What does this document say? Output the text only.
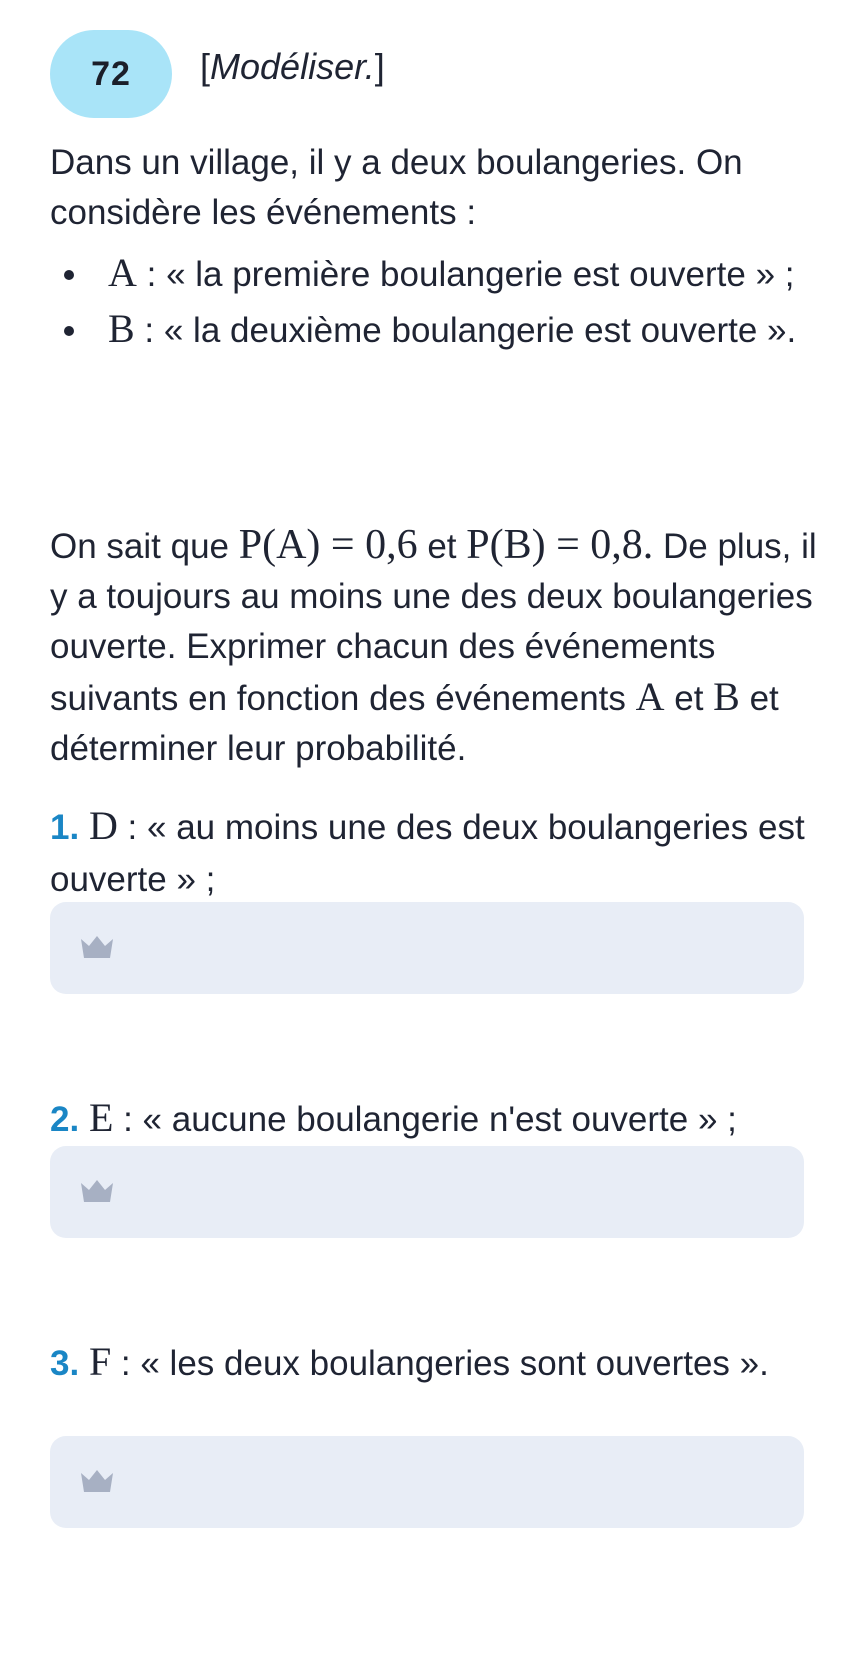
72 [Modéliser.]

Dans un village, il y a deux boulangeries. On considère les événements :

A : « la première boulangerie est ouverte » ;
B : « la deuxième boulangerie est ouverte ».

On sait que P(A) = 0,6 et P(B) = 0,8. De plus, il y a toujours au moins une des deux boulangeries ouverte. Exprimer chacun des événements suivants en fonction des événements A et B et déterminer leur probabilité.

1. D : « au moins une des deux boulangeries est ouverte » ;

2. E : « aucune boulangerie n'est ouverte » ;

3. F : « les deux boulangeries sont ouvertes ».
